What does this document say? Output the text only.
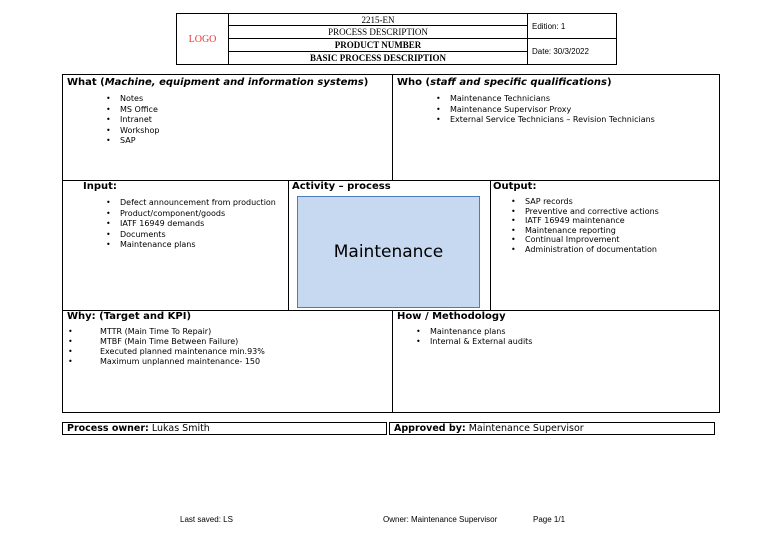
LOGO
2215-EN
PROCESS DESCRIPTION
PRODUCT NUMBER
BASIC PROCESS DESCRIPTION
Edition: 1
Date: 30/3/2022
What (Machine, equipment and information systems)
• Notes
• MS Office
• Intranet
• Workshop
• SAP
Who (staff and specific qualifications)
• Maintenance Technicians
• Maintenance Supervisor Proxy
• External Service Technicians – Revision Technicians
Input:
• Defect announcement from production
• Product/component/goods
• IATF 16949 demands
• Documents
• Maintenance plans
Activity – process
Maintenance
Output:
• SAP records
• Preventive and corrective actions
• IATF 16949 maintenance
• Maintenance reporting
• Continual Improvement
• Administration of documentation
Why: (Target and KPI)
• MTTR (Main Time To Repair)
• MTBF (Main Time Between Failure)
• Executed planned maintenance min.93%
• Maximum unplanned maintenance- 150
How / Methodology
• Maintenance plans
• Internal & External audits
Process owner: Lukas Smith	Approved by: Maintenance Supervisor
Last saved: LS	Owner: Maintenance Supervisor	Page 1/1
